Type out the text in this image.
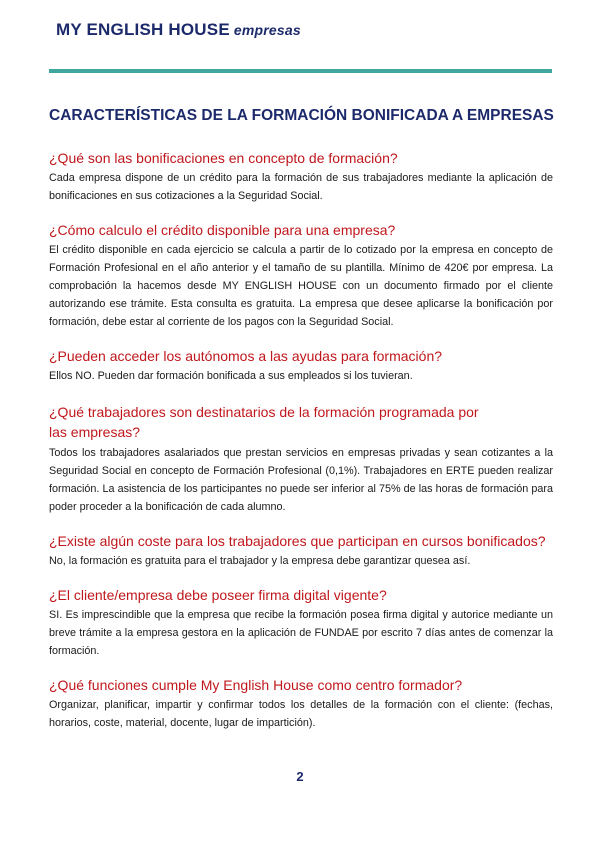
MY ENGLISH HOUSE empresas
CARACTERÍSTICAS DE LA FORMACIÓN BONIFICADA A EMPRESAS

¿Qué son las bonificaciones en concepto de formación?

Cada empresa dispone de un crédito para la formación de sus trabajadores mediante la aplicación de bonificaciones en sus cotizaciones a la Seguridad Social.

¿Cómo calculo el crédito disponible para una empresa?

El crédito disponible en cada ejercicio se calcula a partir de lo cotizado por la empresa en concepto de Formación Profesional en el año anterior y el tamaño de su plantilla. Mínimo de 420€ por empresa. La comprobación la hacemos desde MY ENGLISH HOUSE con un documento firmado por el cliente autorizando ese trámite. Esta consulta es gratuita. La empresa que desee aplicarse la bonificación por formación, debe estar al corriente de los pagos con la Seguridad Social.

¿Pueden acceder los autónomos a las ayudas para formación?

Ellos NO. Pueden dar formación bonificada a sus empleados si los tuvieran.

¿Qué trabajadores son destinatarios de la formación programada por las empresas?

Todos los trabajadores asalariados que prestan servicios en empresas privadas y sean cotizantes a la Seguridad Social en concepto de Formación Profesional (0,1%). Trabajadores en ERTE pueden realizar formación. La asistencia de los participantes no puede ser inferior al 75% de las horas de formación para poder proceder a la bonificación de cada alumno.

¿Existe algún coste para los trabajadores que participan en cursos bonificados?

No, la formación es gratuita para el trabajador y la empresa debe garantizar quesea así.

¿El cliente/empresa debe poseer firma digital vigente?

SI. Es imprescindible que la empresa que recibe la formación posea firma digital y autorice mediante un breve trámite a la empresa gestora en la aplicación de FUNDAE por escrito 7 días antes de comenzar la formación.

¿Qué funciones cumple My English House como centro formador?

Organizar, planificar, impartir y confirmar todos los detalles de la formación con el cliente: (fechas, horarios, coste, material, docente, lugar de impartición).

2
